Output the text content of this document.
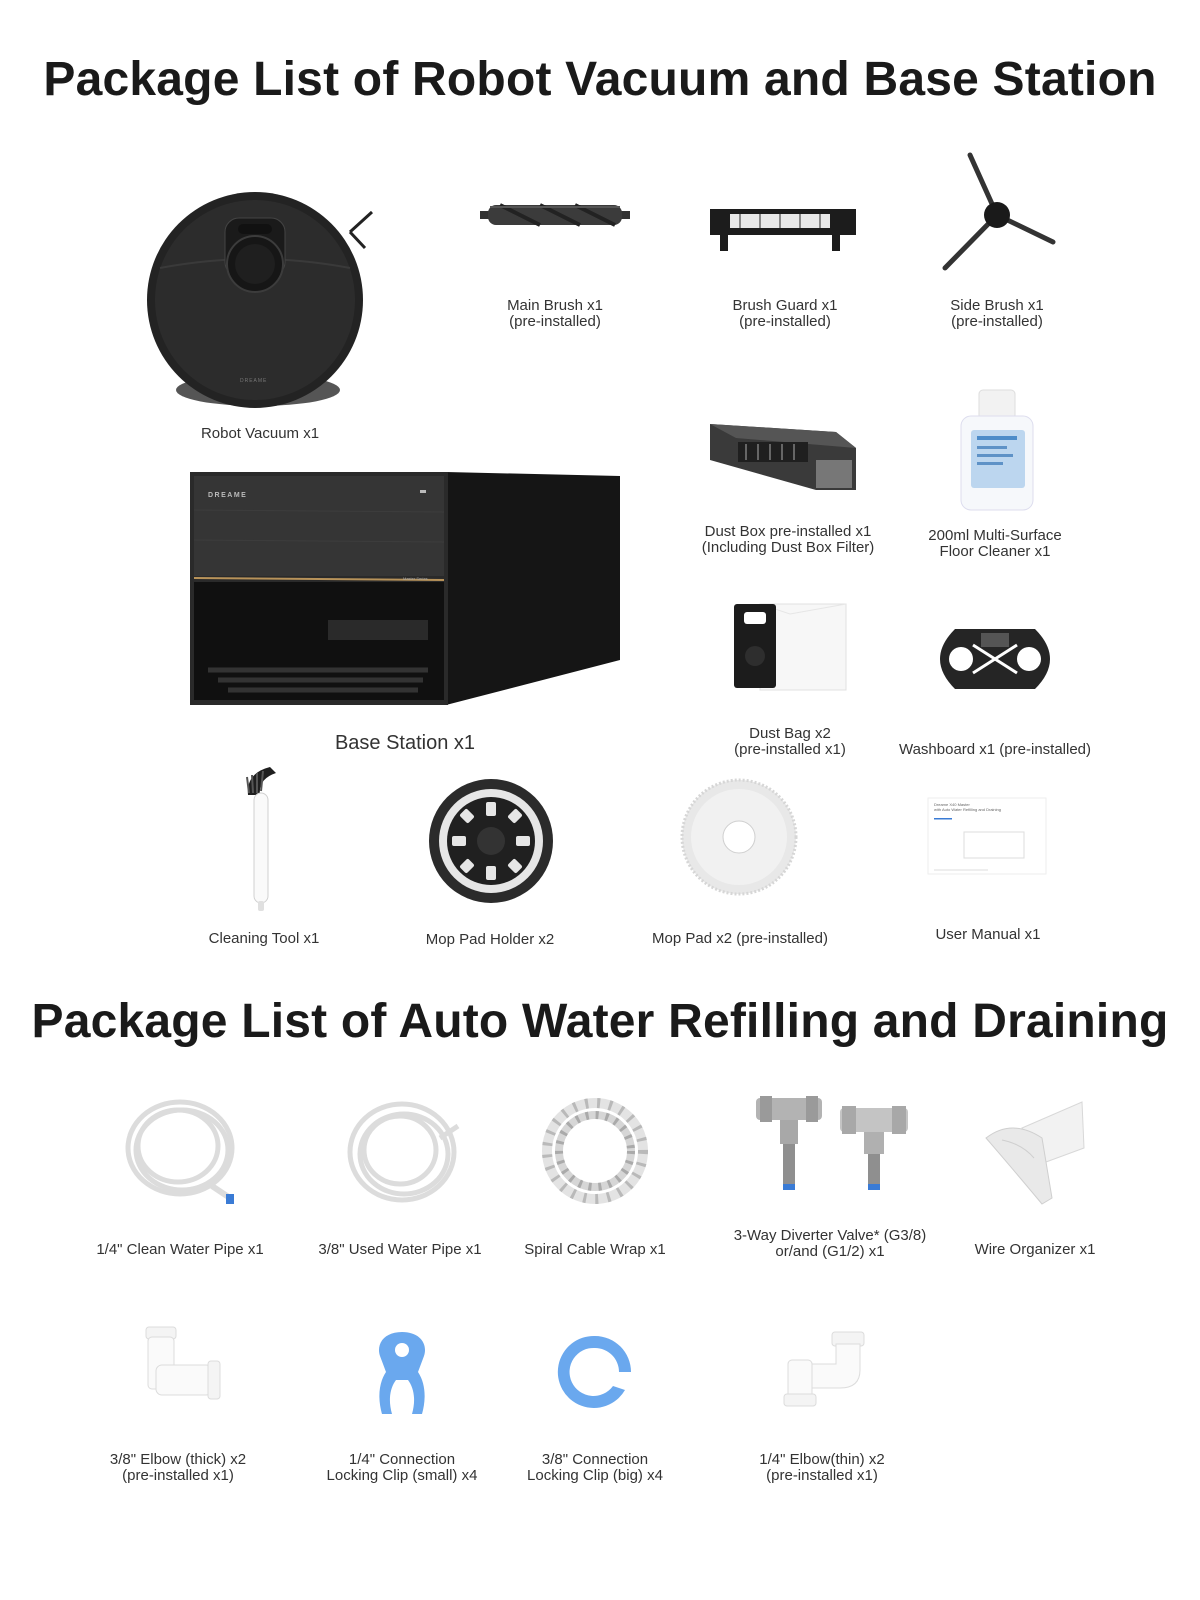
Package List of Robot Vacuum and Base Station
Package List of Auto Water Refilling and Draining
DREAME
Robot Vacuum x1
Main Brush x1
(pre-installed)
Brush Guard x1
(pre-installed)
Side Brush x1
(pre-installed)
Dust Box pre-installed x1
(Including Dust Box Filter)
200ml Multi-Surface
Floor Cleaner x1
DREAME
Master Series
Base Station x1	Dust Bag x2
(pre-installed x1)	Washboard x1 (pre-installed)
Cleaning Tool x1	Mop Pad Holder x2	Mop Pad x2 (pre-installed)
Dreame X40 Master
with Auto Water Refilling and Draining
User Manual x1
1/4" Clean Water Pipe x1	3/8" Used Water Pipe x1	Spiral Cable Wrap x1
3-Way Diverter Valve* (G3/8)
or/and (G1/2) x1	Wire Organizer x1
3/8" Elbow (thick) x2
(pre-installed x1)
1/4" Connection
Locking Clip (small) x4
3/8" Connection
Locking Clip (big) x4
1/4" Elbow(thin) x2
(pre-installed x1)
